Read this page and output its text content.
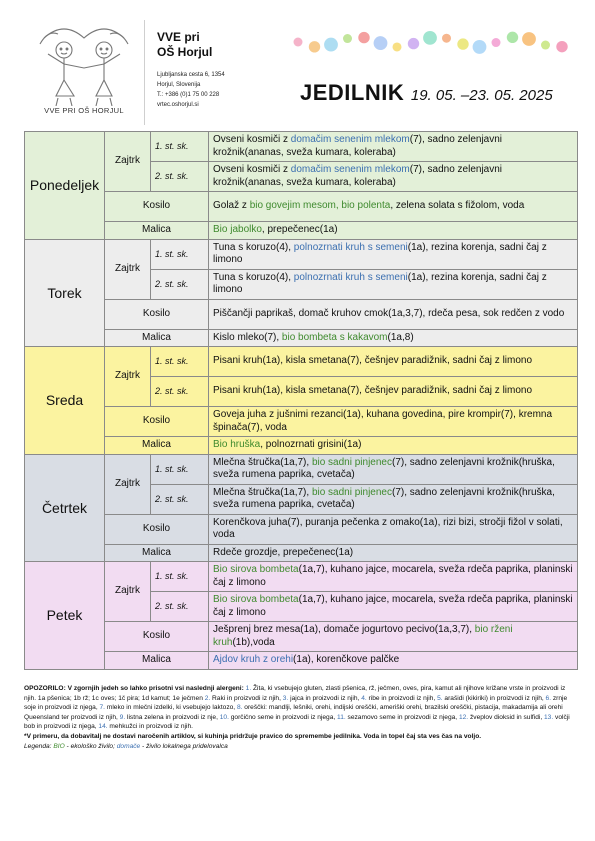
VVE PRI OŠ HORJUL
VVE pri
OŠ Horjul
Ljubljanska cesta 6, 1354
Horjul, Slovenija
T.: +386 (0)1 75 00 228
vrtec.oshorjul.si	JEDILNIK 19. 05. –23. 05. 2025
Ponedeljek	Zajtrk	1. st. sk.	Ovseni kosmiči z domačim senenim mlekom(7), sadno zelenjavni krožnik(ananas, sveža kumara, koleraba)
		2. st. sk.	Ovseni kosmiči z domačim senenim mlekom(7), sadno zelenjavni krožnik(ananas, sveža kumara, koleraba)
	Kosilo		Golaž z bio govejim mesom, bio polenta, zelena solata s fižolom, voda
	Malica		Bio jabolko, prepečenec(1a)
Torek	Zajtrk	1. st. sk.	Tuna s koruzo(4), polnozrnati kruh s semeni(1a), rezina korenja, sadni čaj z limono
		2. st. sk.	Tuna s koruzo(4), polnozrnati kruh s semeni(1a), rezina korenja, sadni čaj z limono
	Kosilo		Piščančji paprikaš, domač kruhov cmok(1a,3,7), rdeča pesa, sok redčen z vodo
	Malica		Kislo mleko(7), bio bombeta s kakavom(1a,8)
Sreda	Zajtrk	1. st. sk.	Pisani kruh(1a), kisla smetana(7), češnjev paradižnik, sadni čaj z limono
		2. st. sk.	Pisani kruh(1a), kisla smetana(7), češnjev paradižnik, sadni čaj z limono
	Kosilo		Goveja juha z jušnimi rezanci(1a), kuhana govedina, pire krompir(7), kremna špinača(7), voda
	Malica		Bio hruška, polnozrnati grisini(1a)
Četrtek	Zajtrk	1. st. sk.	Mlečna štručka(1a,7), bio sadni pinjenec(7), sadno zelenjavni krožnik(hruška, sveža rumena paprika, cvetača)
		2. st. sk.	Mlečna štručka(1a,7), bio sadni pinjenec(7), sadno zelenjavni krožnik(hruška, sveža rumena paprika, cvetača)
	Kosilo		Korenčkova juha(7), puranja pečenka z omako(1a), rizi bizi, stročji fižol v solati, voda
	Malica		Rdeče grozdje, prepečenec(1a)
Petek	Zajtrk	1. st. sk.	Bio sirova bombeta(1a,7), kuhano jajce, mocarela, sveža rdeča paprika, planinski čaj z limono
		2. st. sk.	Bio sirova bombeta(1a,7), kuhano jajce, mocarela, sveža rdeča paprika, planinski čaj z limono
	Kosilo		Ješprenj brez mesa(1a), domače jogurtovo pecivo(1a,3,7), bio rženi kruh(1b),voda
	Malica		Ajdov kruh z orehi(1a), korenčkove palčke
OPOZORILO: V zgornjih jedeh so lahko prisotni vsi naslednji alergeni: 1. Žita, ki vsebujejo gluten, zlasti pšenica, rž, ječmen, oves, pira, kamut ali njihove križane vrste in proizvodi iz njih. 1a pšenica; 1b rž; 1c oves; 1č pira; 1d kamut; 1e ječmen 2. Raki in proizvodi iz njih, 3. jajca in proizvodi iz njih, 4. ribe in proizvodi iz njih, 5. arašidi (kikiriki) in proizvodi iz njih, 6. zrnje soje in proizvodi iz njega, 7. mleko in mlečni izdelki, ki vsebujejo laktozo, 8. oreščki: mandlji, lešniki, orehi, indijski oreščki, ameriški orehi, brazilski oreščki, pistacija, makadamija ali orehi Queensland ter proizvodi iz njih, 9. listna zelena in proizvodi iz nje, 10. gorčično seme in proizvodi iz njega, 11. sezamovo seme in proizvodi iz njega, 12. žveplov dioksid in sulfidi, 13. volčji bob in proizvodi iz njega, 14. mehkužci in proizvodi iz njih.
*V primeru, da dobavitalj ne dostavi naročenih artiklov, si kuhinja pridržuje pravico do spremembe jedilnika. Voda in topel čaj sta ves čas na voljo.
Legenda: BIO - ekološko živilo; domače - živilo lokalnega pridelovalca
